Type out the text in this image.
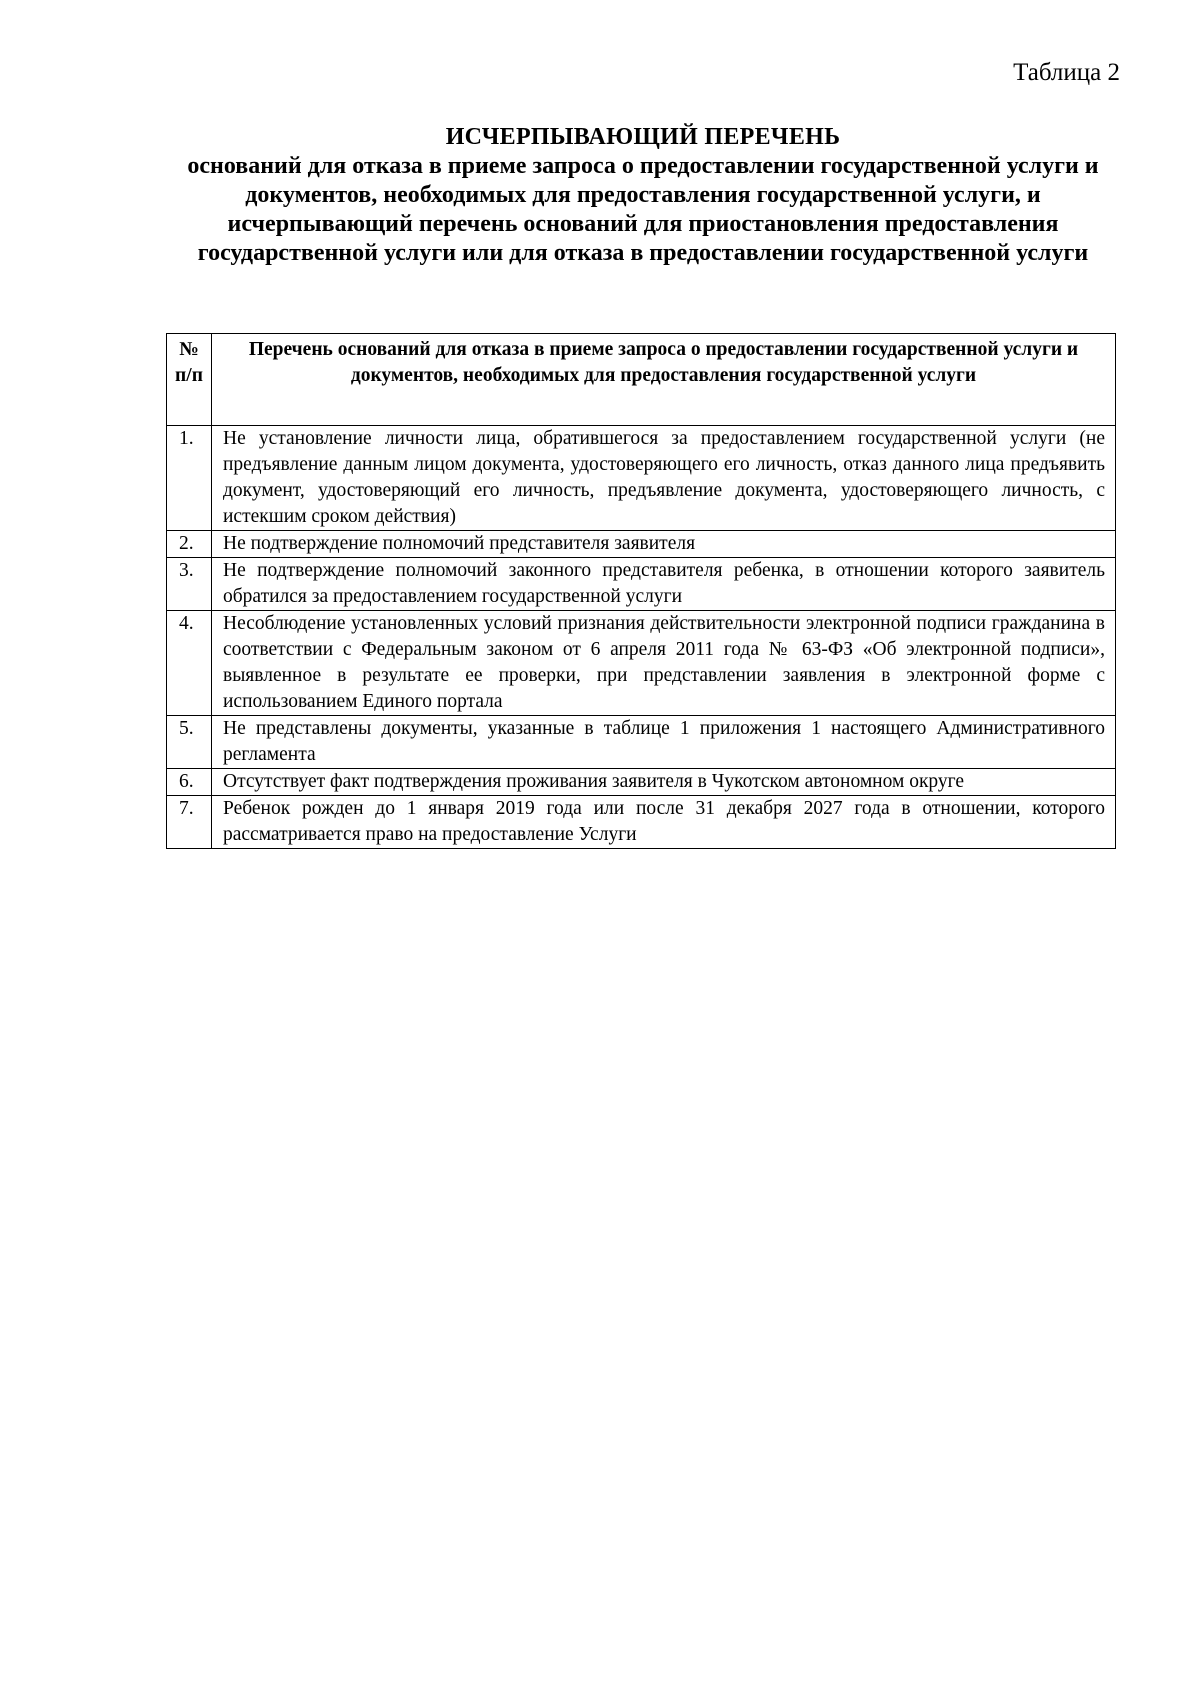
Таблица 2
ИСЧЕРПЫВАЮЩИЙ ПЕРЕЧЕНЬ
оснований для отказа в приеме запроса о предоставлении государственной услуги и документов, необходимых для предоставления государственной услуги, и исчерпывающий перечень оснований для приостановления предоставления государственной услуги или для отказа в предоставлении государственной услуги
№ п/п	Перечень оснований для отказа в приеме запроса о предоставлении государственной услуги и документов, необходимых для предоставления государственной услуги
1.	Не установление личности лица, обратившегося за предоставлением государственной услуги (не предъявление данным лицом документа, удостоверяющего его личность, отказ данного лица предъявить документ, удостоверяющий его личность, предъявление документа, удостоверяющего личность, с истекшим сроком действия)
2.	Не подтверждение полномочий представителя заявителя
3.	Не подтверждение полномочий законного представителя ребенка, в отношении которого заявитель обратился за предоставлением государственной услуги
4.	Несоблюдение установленных условий признания действительности электронной подписи гражданина в соответствии с Федеральным законом от 6 апреля 2011 года № 63-ФЗ «Об электронной подписи», выявленное в результате ее проверки, при представлении заявления в электронной форме с использованием Единого портала
5.	Не представлены документы, указанные в таблице 1 приложения 1 настоящего Административного регламента
6.	Отсутствует факт подтверждения проживания заявителя в Чукотском автономном округе
7.	Ребенок рожден до 1 января 2019 года или после 31 декабря 2027 года в отношении, которого рассматривается право на предоставление Услуги
